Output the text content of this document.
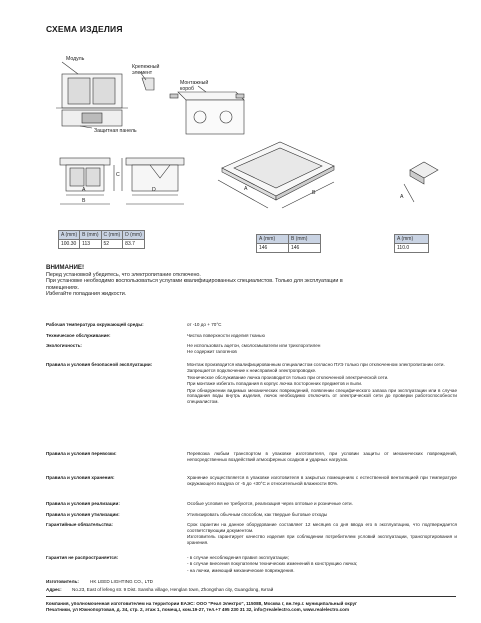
СХЕМА ИЗДЕЛИЯ
Модуль
Крепежный
элемент
Монтажный
короб
Защитная панель
A
B
C
D	A
B
A
A (mm)	B (mm)	C (mm)	D (mm)
100.30	113	52	83.7
A (mm)	B (mm)
146	146
A (mm)
110.0
ВНИМАНИЕ!
Перед установкой убедитесь, что электропитание отключено.
При установке необходимо воспользоваться услугами квалифицированных специалистов. Только для эксплуатации в
помещениях.
Избегайте попадания жидкости.
Рабочая температура окружающей среды:	от -10 до + 70°C

Техническое обслуживание:	Чистка поверхности изделия тканью

Экологичность:	Не использовать ацетон, смолосмыватели или трихлорэтилен

Не содержит галогенов

Правила и условия безопасной эксплуатации:	Монтаж производится квалифицированным специалистом согласно ПУЭ только при отключенном электропитании сети.

Запрещается подключение к неисправной электропроводке.

Техническое обслуживание лючка производится только при отключенной электрической сети.

При монтаже избегать попадания в корпус лючка посторонних предметов и пыли.

При обнаружении видимых механических повреждений, появлении специфического запаха при эксплуатации или в случае попадания воды внутрь изделия, лючок необходимо отключить от электрической сети до проверки работоспособности специалистом.

Правила и условия перевозки:	Перевозка любым транспортом в упаковке изготовителя, при условии защиты от механических повреждений, непосредственных воздействий атмосферных осадков и ударных нагрузок.

Правила и условия хранения:	Хранение осуществляется в упаковке изготовителя в закрытых помещениях с естественной вентиляцией при температуре окружающего воздуха от -5 до +30°C и относительной влажности 80%.

Правила и условия реализации:	Особые условия не требуются, реализация через оптовые и розничные сети.

Правила и условия утилизации:	Утилизировать обычным способом, как твердые бытовые отходы

Гарантийные обязательства:	Срок гарантии на данное оборудование составляет 12 месяцев со дня ввода его в эксплуатацию, что подтверждается соответствующим документом.

Изготовитель гарантирует качество изделия при соблюдении потребителем условий эксплуатации, транспортирования и хранения.

Гарантия не распространяется:	- в случае несоблюдения правил эксплуатации;

- в случае внесения покупателем технических изменений в конструкцию лючка;

- на лючки, имеющий механические повреждения.

Изготовитель: HK LEED LIGHTING CO., LTD
Адрес: No.23, East of lefeng str. 9 Dist. Sansha village, Henglan town, Zhongshan city, Guangdong, Китай
Компания, уполномоченная изготовителем на территории ЕАЭС: ООО "Реал Электро", 115088, Москва г, вн.тер.г. муниципальный округ
Печатники, ул Южнопортовая, д. 34, стр. 2, этаж 1, помещ.I, ком.19-27, тел.+7 495 230 31 32, info@realelectro.com, www.realelectro.com
